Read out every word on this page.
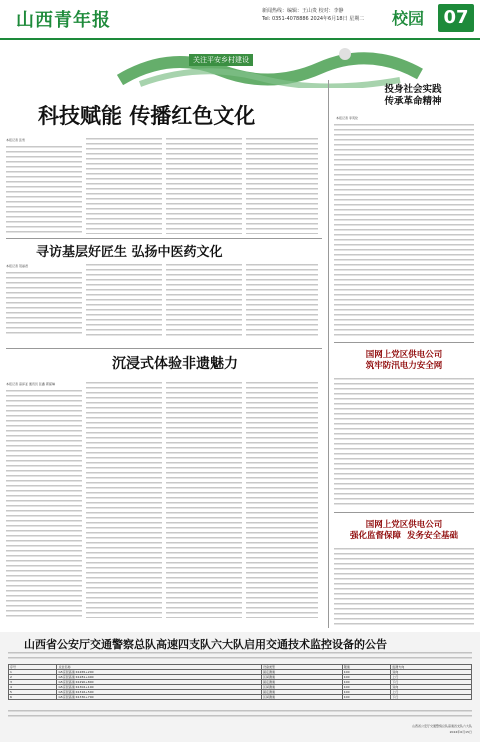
山西青年报	新闻热线：编辑：王山贵 校对：李静
Tel: 0351-4078886 2024年6月18日 星期二	校园	07
关注平安乡村建设
科技赋能 传播红色文化
本报记者 张雪
投身社会实践
传承革命精神
本报记者 李英伦
寻访基层好匠生 弘扬中医药文化
本报记者 贺丽君
沉浸式体验非遗魅力
本报记者 高泽亚 通讯员 张鑫 郭富琳
国网上党区供电公司
筑牢防汛电力安全网
国网上党区供电公司
强化监督保障  发务安全基础
山西省公安厅交通警察总队高速四支队六大队启用交通技术监控设备的公告
序号	点位名称	设备类型	限速	监测方向
1	G5京昆高速 K1265+200	固定测速	100	双向
2	G5京昆高速 K1281+400	区间测速	100	上行
3	G5京昆高速 K1290+800	固定测速	100	下行
4	G5京昆高速 K1302+100	区间测速	100	双向
5	G5京昆高速 K1316+500	固定测速	100	上行
6	G5京昆高速 K1330+700	区间测速	100	下行
山西省公安厅交通警察总队高速四支队六大队
2024年6月15日
